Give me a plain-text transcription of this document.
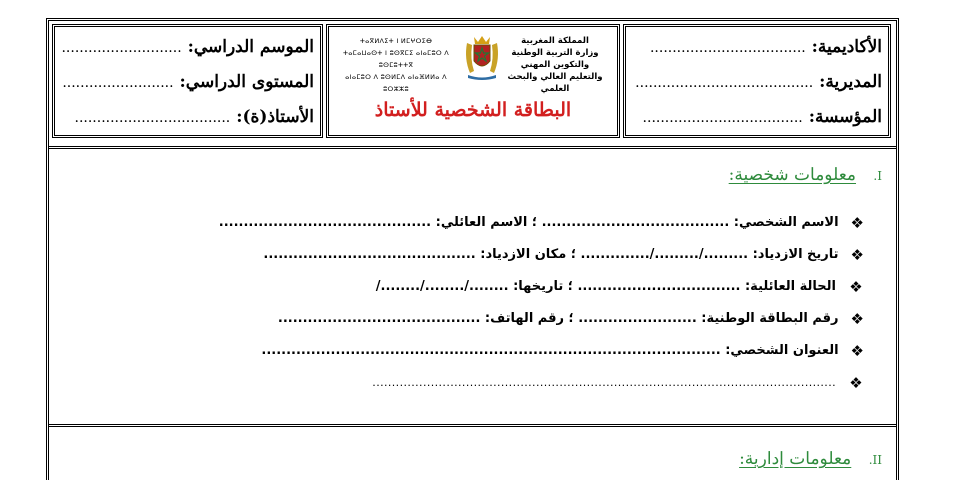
الموسم الدراسي: ...........................
المستوى الدراسي: .........................
الأستاذ(ة): ...................................
ⵜⴰⴳⵍⴷⵉⵜ ⵏ ⵍⵎⵖⵔⵉⴱ
ⵜⴰⵎⴰⵡⴰⵙⵜ ⵏ ⵓⵙⴳⵎⵉ ⴰⵏⴰⵎⵓⵔ ⴷ ⵓⵙⵎⵓⵜⵜⴳ
ⴰⵏⴰⵎⵓⵔ ⴷ ⵓⵙⵍⵎⴷ ⴰⵏⴰⴼⵍⵍⴰ ⴷ ⵓⵔⵣⵣⵓ
المملكة المغربية
وزارة التربية الوطنية والتكوين المهني
والتعليم العالي والبحث العلمي
البطاقة الشخصية للأستاذ
الأكاديمية: ...................................
المديرية: ........................................
المؤسسة: ....................................
I. معلومات شخصية:
❖
الاسم الشخصي: ...................................... ؛ الاسم العائلي: ...........................................
❖
تاريخ الازدياد: ........./........./.............. ؛ مكان الازدياد: ...........................................
❖
الحالة العائلية: ................................. ؛ تاريخها: ......../......../......../
❖
رقم البطاقة الوطنية: ........................ ؛ رقم الهاتف: .........................................
❖
العنوان الشخصي: .............................................................................................
❖
.......................................................................................................................
II. معلومات إدارية:
